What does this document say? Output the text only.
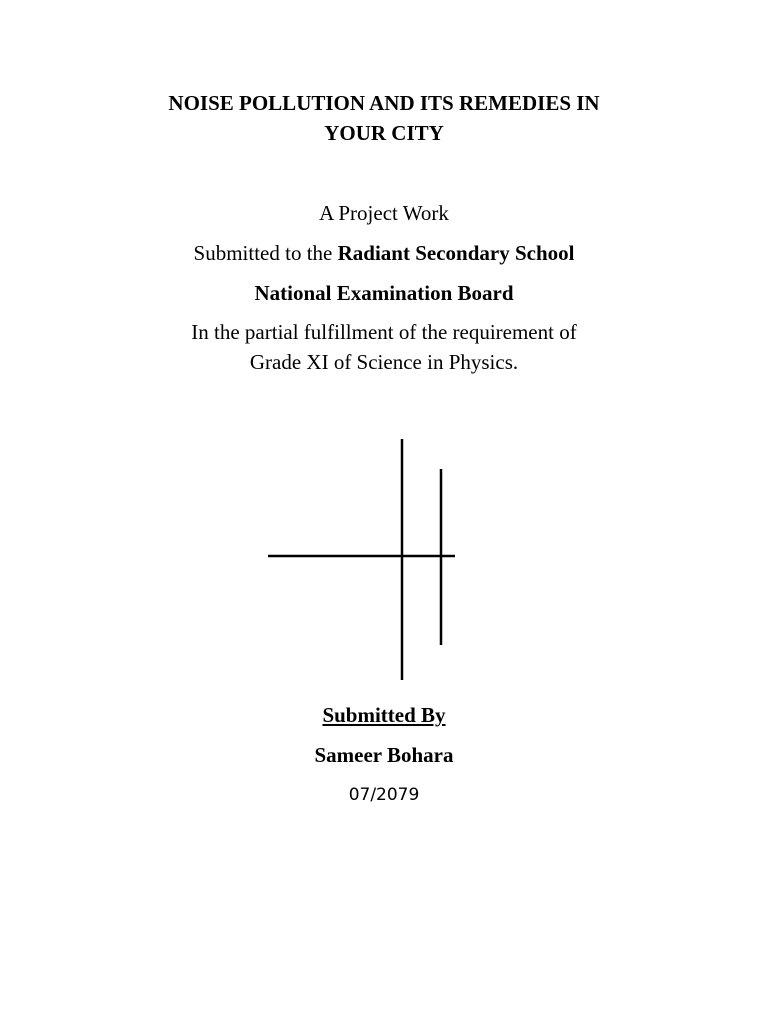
NOISE POLLUTION AND ITS REMEDIES IN
YOUR CITY
A Project Work
Submitted to the Radiant Secondary School
National Examination Board
In the partial fulfillment of the requirement of
Grade XI of Science in Physics.
Submitted By
Sameer Bohara
07/2079
